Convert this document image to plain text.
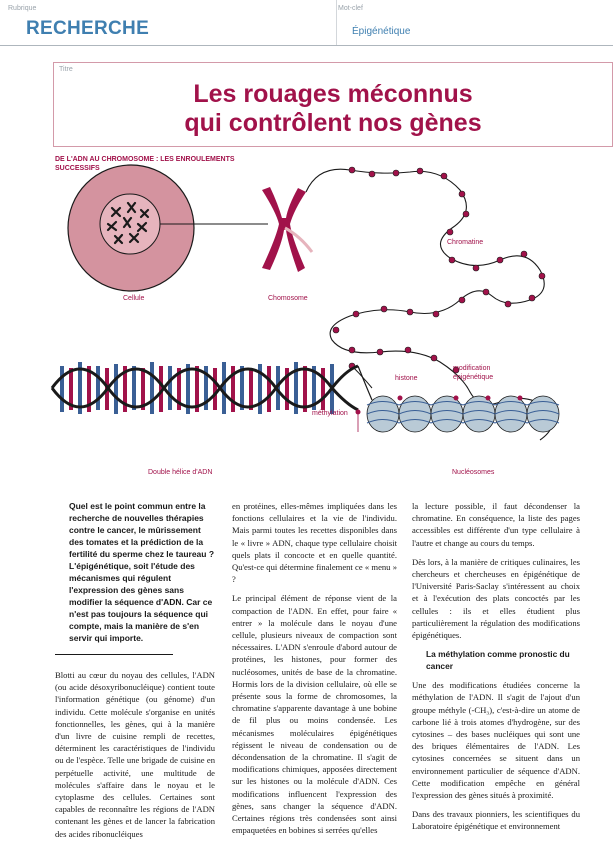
Rubrique
RECHERCHE
Mot-clef
Épigénétique
Titre
Les rouages méconnus
qui contrôlent nos gènes
DE L'ADN AU CHROMOSOME : LES ENROULEMENTS SUCCESSIFS
Cellule	Chomosome
Chromatine
histone
modification
épigénétique
méthylation
Double hélice d'ADN	Nucléosomes

Quel est le point commun entre la recherche de nouvelles thérapies contre le cancer, le mûrissement des tomates et la prédiction de la fertilité du sperme chez le taureau ? L'épigénétique, soit l'étude des mécanismes qui régulent l'expression des gènes sans modifier la séquence d'ADN. Car ce n'est pas toujours la séquence qui compte, mais la manière de s'en servir qui importe.

Blotti au cœur du noyau des cellules, l'ADN (ou acide désoxyribonucléique) contient toute l'information génétique (ou génome) d'un individu. Cette molécule s'organise en unités fonctionnelles, les gènes, qui à la manière d'un livre de cuisine rempli de recettes, déterminent les caractéristiques de l'individu ou de l'espèce. Telle une brigade de cuisine en perpétuelle activité, une multitude de molécules s'affaire dans le noyau et le cytoplasme des cellules. Certaines sont capables de reconnaître les régions de l'ADN contenant les gènes et de lancer la fabrication des acides ribonucléiques

en protéines, elles-mêmes impliquées dans les fonctions cellulaires et la vie de l'individu. Mais parmi toutes les recettes disponibles dans le « livre » ADN, chaque type cellulaire choisit quels plats il concocte et en quelle quantité. Qu'est-ce qui détermine finalement ce « menu » ?

Le principal élément de réponse vient de la compaction de l'ADN. En effet, pour faire « entrer » la molécule dans le noyau d'une cellule, plusieurs niveaux de compaction sont nécessaires. L'ADN s'enroule d'abord autour de protéines, les histones, pour former des nucléosomes, unités de base de la chromatine. Hormis lors de la division cellulaire, où elle se présente sous la forme de chromosomes, la chromatine s'apparente davantage à une bobine de fil plus ou moins condensée. Les mécanismes moléculaires épigénétiques régissent le niveau de condensation ou de décondensation de la chromatine. Il s'agit de modifications chimiques, apposées directement sur les histones ou la molécule d'ADN. Ces modifications influencent l'expression des gènes, sans changer la séquence d'ADN. Certaines régions très condensées sont ainsi empaquetées en bobines si serrées qu'elles

la lecture possible, il faut décondenser la chromatine. En conséquence, la liste des pages accessibles est différente d'un type cellulaire à l'autre et change au cours du temps.

Dès lors, à la manière de critiques culinaires, les chercheurs et chercheuses en épigénétique de l'Université Paris-Saclay s'intéressent au choix et à l'exécution des plats concoctés par les cellules : ils et elles étudient plus particulièrement la régulation des modifications épigénétiques.

La méthylation comme pronostic du cancer

Une des modifications étudiées concerne la méthylation de l'ADN. Il s'agit de l'ajout d'un groupe méthyle (-CH₃), c'est-à-dire un atome de carbone lié à trois atomes d'hydrogène, sur des cytosines – des bases nucléiques qui sont une des briques élémentaires de l'ADN. Les cytosines concernées se situent dans un environnement particulier de séquence d'ADN. Cette modification empêche en général l'expression des gènes situés à proximité.

Dans des travaux pionniers, les scientifiques du Laboratoire épigénétique et environnement
